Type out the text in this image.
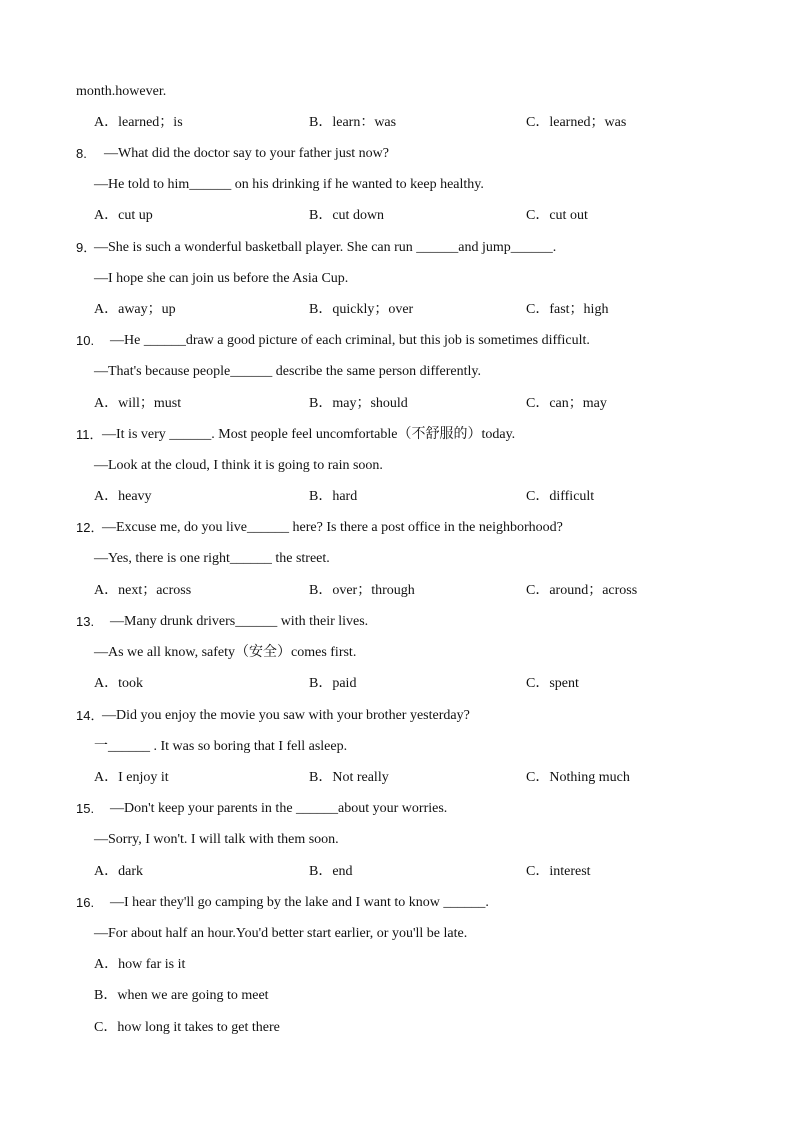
month.however.
A．learned；is	B．learn：was	C．learned；was
8. —What did the doctor say to your father just now?
—He told to him______ on his drinking if he wanted to keep healthy.
A．cut up	B．cut down	C．cut out
9．
—She is such a wonderful basketball player. She can run ______and jump______.
—I hope she can join us before the Asia Cup.
A．away；up	B．quickly；over	C．fast；high
10. —He ______draw a good picture of each criminal, but this job is sometimes difficult.
—That's because people______ describe the same person differently.
A．will；must	B．may；should	C．can；may
11． —It is very ______. Most people feel uncomfortable（不舒服的）today.
—Look at the cloud, I think it is going to rain soon.
A．heavy	B．hard	C．difficult
12．
—Excuse me, do you live______ here? Is there a post office in the neighborhood?
—Yes, there is one right______ the street.
A．next；across	B．over；through	C．around；across
13. —Many drunk drivers______ with their lives.
—As we all know, safety（安全）comes first.
A．took	B．paid	C．spent
14．
—Did you enjoy the movie you saw with your brother yesterday?
一______ . It was so boring that I fell asleep.
A．I enjoy it	B．Not really	C．Nothing much
15. —Don't keep your parents in the ______about your worries.
—Sorry, I won't. I will talk with them soon.
A．dark	B．end	C．interest
16. —I hear they'll go camping by the lake and I want to know ______.
—For about half an hour.You'd better start earlier, or you'll be late.
A．how far is it
B．when we are going to meet
C．how long it takes to get there
